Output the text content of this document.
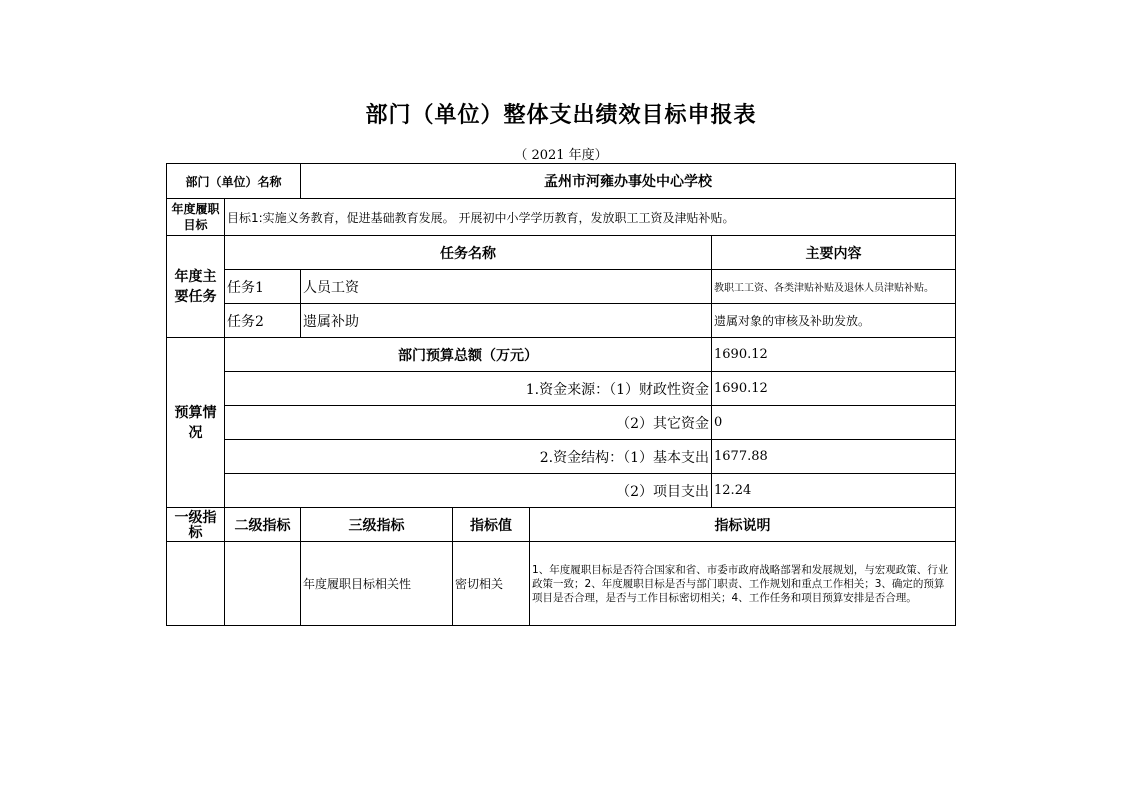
部门（单位）整体支出绩效目标申报表
（ 2021 年度）
部门（单位）名称		孟州市河雍办事处中心学校			
年度履职目标	目标1:实施义务教育，促进基础教育发展。 开展初中小学学历教育，发放职工工资及津贴补贴。				
年度主要任务	任务名称				主要内容
	任务1	人员工资			教职工工资、各类津贴补贴及退休人员津贴补贴。
	任务2	遗属补助			遗属对象的审核及补助发放。
预算情况	部门预算总额（万元）				1690.12
	1.资金来源：（1）财政性资金				1690.12
	（2）其它资金				0
	2.资金结构：（1）基本支出				1677.88
	（2）项目支出				12.24
一级指标	二级指标	三级指标	指标值	指标说明	
		年度履职目标相关性	密切相关	1、年度履职目标是否符合国家和省、市委市政府战略部署和发展规划，与宏观政策、行业政策一致；2、年度履职目标是否与部门职责、工作规划和重点工作相关；3、确定的预算项目是否合理，是否与工作目标密切相关；4、工作任务和项目预算安排是否合理。	
